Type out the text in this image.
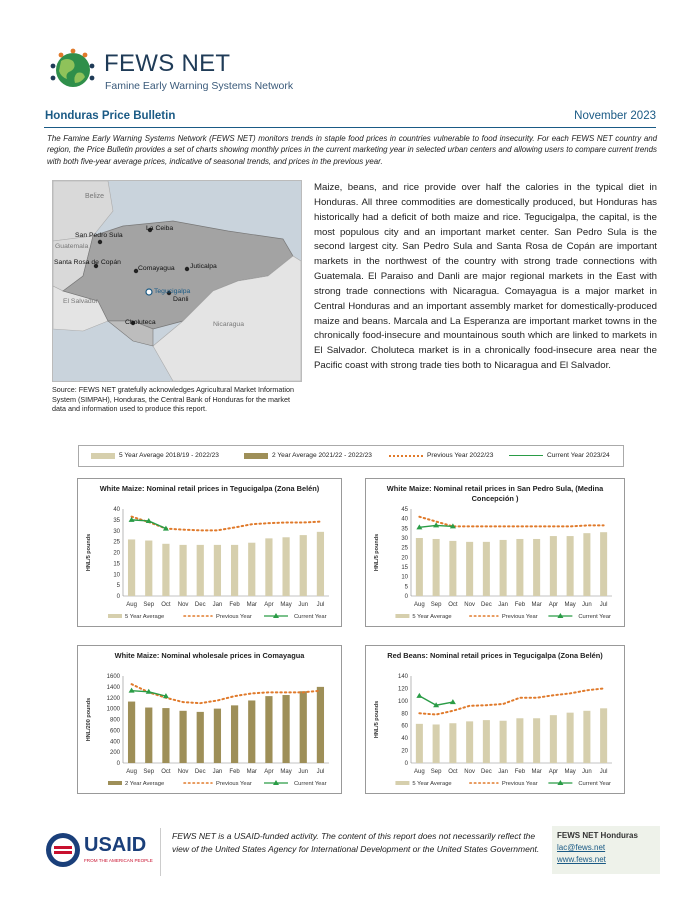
FEWS NET
Famine Early Warning Systems Network
Honduras Price Bulletin	November 2023
The Famine Early Warning Systems Network (FEWS NET) monitors trends in staple food prices in countries vulnerable to food insecurity. For each FEWS NET country and region, the Price Bulletin provides a set of charts showing monthly prices in the current marketing year in selected urban centers and allowing users to compare current trends with both five-year average prices, indicative of seasonal trends, and prices in the previous year.
Belize
San Pedro Sula
La Ceiba
Guatemala
Santa Rosa de Copán
Comayagua Juticalpa
Tegucigalpa
El Salvador	Danli
Choluteca	Nicaragua
Source: FEWS NET gratefully acknowledges Agricultural Market Information System (SIMPAH), Honduras, the Central Bank of Honduras for the market data and information used to produce this report.
Maize, beans, and rice provide over half the calories in the typical diet in Honduras. All three commodities are domestically produced, but Honduras has historically had a deficit of both maize and rice. Tegucigalpa, the capital, is the most populous city and an important market center. San Pedro Sula is the second largest city. San Pedro Sula and Santa Rosa de Copán are important markets in the northwest of the country with strong trade connections with Guatemala. El Paraiso and Danli are major regional markets in the East with strong trade connections with Nicaragua. Comayagua is a major market in Central Honduras and an important assembly market for domestically-produced maize and beans. Marcala and La Esperanza are important market towns in the chronically food-insecure and mountainous south which are linked to markets in El Salvador. Choluteca market is in a chronically food-insecure area near the Pacific coast with strong trade ties both to Nicaragua and El Salvador.
5 Year Average 2018/19 - 2022/23	2 Year Average 2021/22 - 2022/23	Previous Year 2022/23	Current Year 2023/24
White Maize: Nominal retail prices in Tegucigalpa (Zona Belén)
0
5
10
15
20
25
30
35
40
Aug Sep Oct Nov Dec Jan Feb Mar Apr May Jun Jul
HNL/5 pounds
5 Year Average	Previous Year	Current Year
White Maize: Nominal retail prices in San Pedro Sula, (Medina Concepción )
0
5
10
15
20
25
30
35
40
45
Aug Sep Oct Nov Dec Jan Feb Mar Apr May Jun Jul
HNL/5 pounds
5 Year Average	Previous Year	Current Year
White Maize: Nominal wholesale prices in Comayagua
0
200
400
600
800
1000
1200
1400
1600
Aug Sep Oct Nov Dec Jan Feb Mar Apr May Jun Jul
HNL/200 pounds
2 Year Average	Previous Year	Current Year
Red Beans: Nominal retail prices in Tegucigalpa (Zona Belén)
0
20
40
60
80
100
120
140
Aug Sep Oct Nov Dec Jan Feb Mar Apr May Jun Jul
HNL/5 pounds
5 Year Average	Previous Year	Current Year
USAID
FROM THE AMERICAN PEOPLE
FEWS NET is a USAID-funded activity. The content of this report does not necessarily reflect the view of the United States Agency for International Development or the United States Government.
FEWS NET Honduras
lac@fews.net
www.fews.net
